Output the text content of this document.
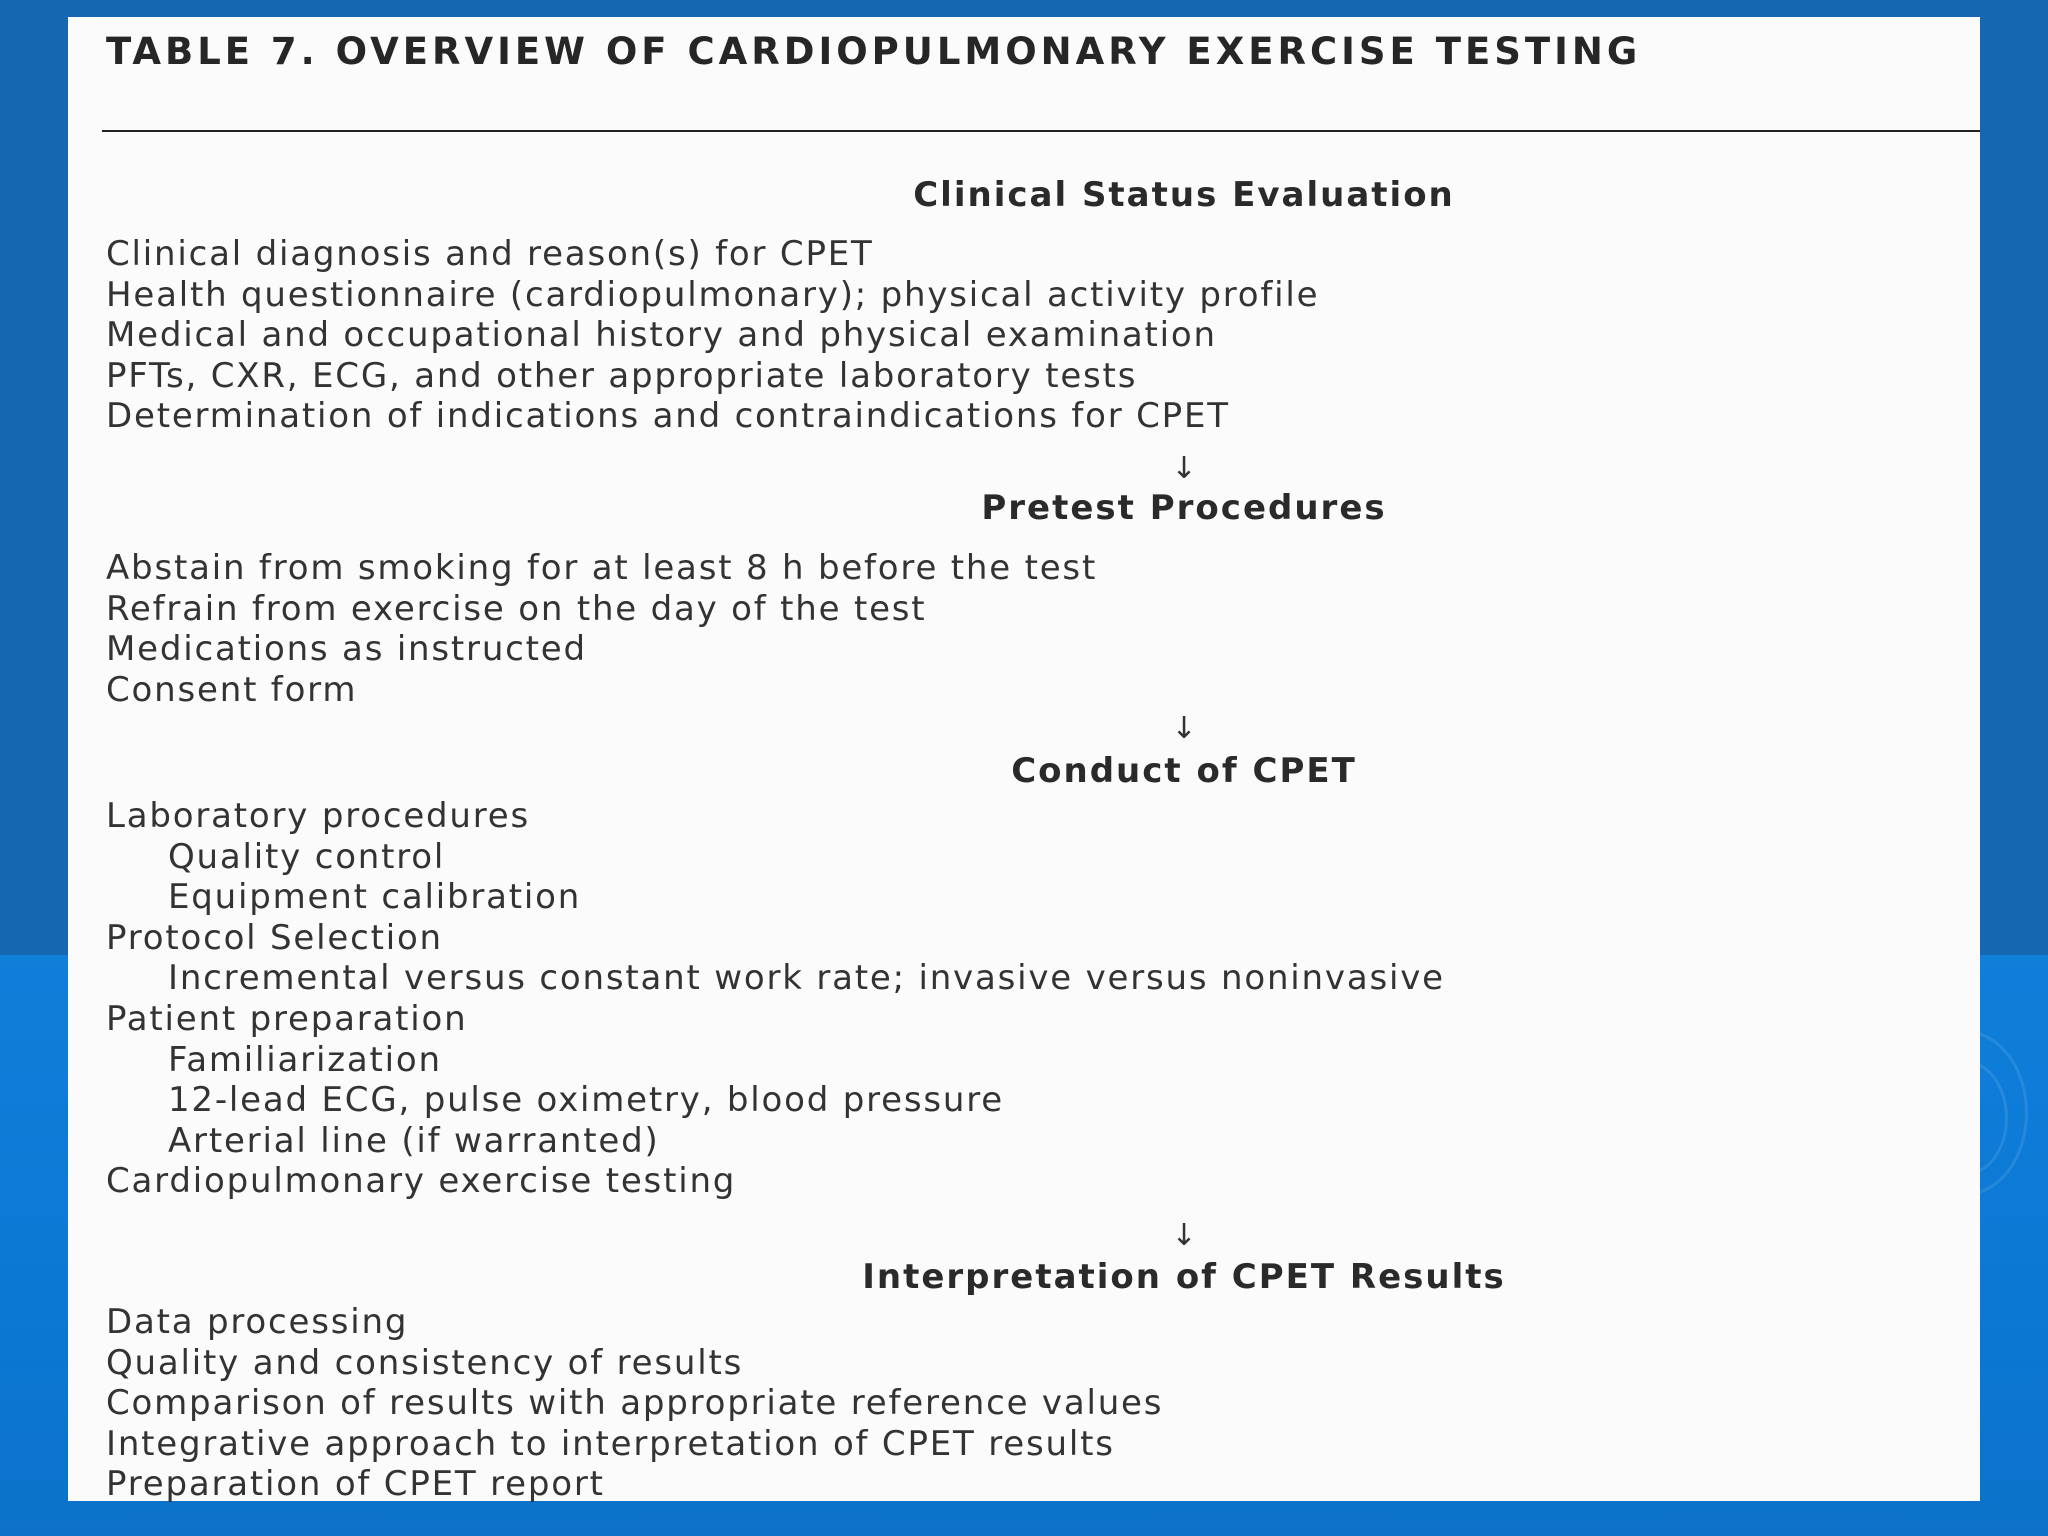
TABLE 7. OVERVIEW OF CARDIOPULMONARY EXERCISE TESTING
Clinical Status Evaluation
Clinical diagnosis and reason(s) for CPET
Health questionnaire (cardiopulmonary); physical activity profile
Medical and occupational history and physical examination
PFTs, CXR, ECG, and other appropriate laboratory tests
Determination of indications and contraindications for CPET
↓
Pretest Procedures
Abstain from smoking for at least 8 h before the test
Refrain from exercise on the day of the test
Medications as instructed
Consent form
↓
Conduct of CPET
Laboratory procedures
Quality control
Equipment calibration
Protocol Selection
Incremental versus constant work rate; invasive versus noninvasive
Patient preparation
Familiarization
12-lead ECG, pulse oximetry, blood pressure
Arterial line (if warranted)
Cardiopulmonary exercise testing
↓
Interpretation of CPET Results
Data processing
Quality and consistency of results
Comparison of results with appropriate reference values
Integrative approach to interpretation of CPET results
Preparation of CPET report
